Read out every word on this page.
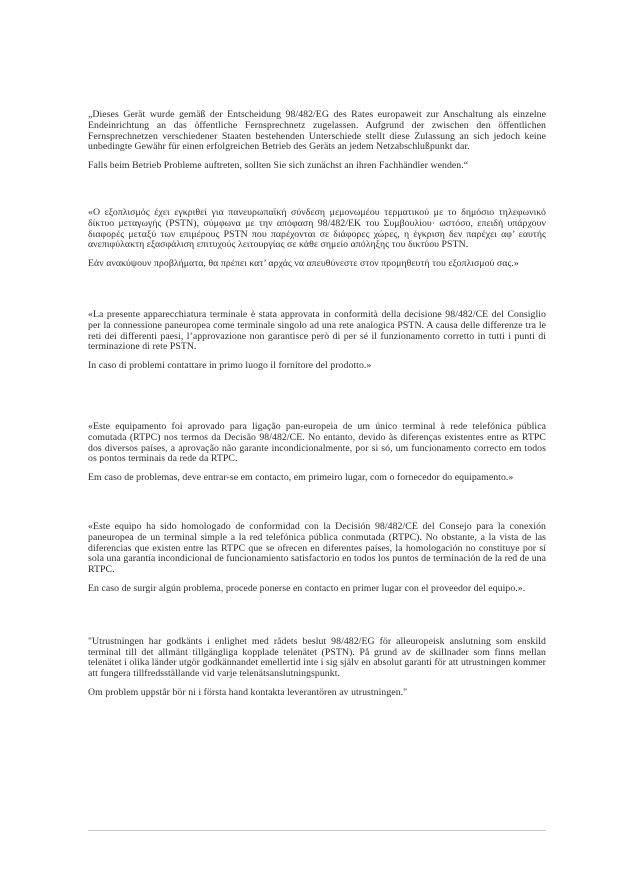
„Dieses Gerät wurde gemäß der Entscheidung 98/482/EG des Rates europaweit zur Anschaltung als einzelne Endeinrichtung an das öffentliche Fernsprechnetz zugelassen. Aufgrund der zwischen den öffentlichen Fernsprechnetzen verschiedener Staaten bestehenden Unterschiede stellt diese Zulassung an sich jedoch keine unbedingte Gewähr für einen erfolgreichen Betrieb des Geräts an jedem Netzabschlußpunkt dar.

Falls beim Betrieb Probleme auftreten, sollten Sie sich zunächst an ihren Fachhändler wenden.“

«Ο εξοπλισμός έχει εγκριθεί για πανευρωπαϊκή σύνδεση μεμονωμέου τερματικού με το δημόσιο τηλεφωνικό δίκτυο μεταγωγής (PSTN), σύμφωνα με την απόφαση 98/482/ΕΚ του Συμβουλίου· ωστόσο, επειδή υπάρχουν διαφορές μεταξύ των επιμέρους PSTN που παρέχονται σε διάφορες χώρες, η έγκριση δεν παρέχει αφ’ εαυτής ανεπιφύλακτη εξασφάλιση επιτυχούς λειτουργίας σε κάθε σημείο απόληξης του δικτύου PSTN.

Εάν ανακύψουν προβλήματα, θα πρέπει κατ’ αρχάς να απευθύνεστε στον προμηθευτή του εξοπλισμού σας.»

«La presente apparecchiatura terminale è stata approvata in conformità della decisione 98/482/CE del Consiglio per la connessione paneuropea come terminale singolo ad una rete analogica PSTN. A causa delle differenze tra le reti dei differenti paesi, l’approvazione non garantisce però di per sé il funzionamento corretto in tutti i punti di terminazione di rete PSTN.

In caso di problemi contattare in primo luogo il fornitore del prodotto.»

«Este equipamento foi aprovado para ligação pan-europeia de um único terminal à rede telefónica pública comutada (RTPC) nos termos da Decisão 98/482/CE. No entanto, devido às diferenças existentes entre as RTPC dos diversos países, a aprovação não garante incondicionalmente, por si só, um funcionamento correcto em todos os pontos terminais da rede da RTPC.

Em caso de problemas, deve entrar-se em contacto, em primeiro lugar, com o fornecedor do equipamento.»

«Este equipo ha sido homologado de conformidad con la Decisión 98/482/CE del Consejo para la conexión paneuropea de un terminal simple a la red telefónica pública conmutada (RTPC). No obstante, a la vista de las diferencias que existen entre las RTPC que se ofrecen en diferentes países, la homologación no constituye por sí sola una garantía incondicional de funcionamiento satisfactorio en todos los puntos de terminación de la red de una RTPC.

En caso de surgir algún problema, procede ponerse en contacto en primer lugar con el proveedor del equipo.».

"Utrustningen har godkänts i enlighet med rådets beslut 98/482/EG för alleuropeisk anslutning som enskild terminal till det allmänt tillgängliga kopplade telenätet (PSTN). På grund av de skillnader som finns mellan telenätet i olika länder utgör godkännandet emellertid inte i sig själv en absolut garanti för att utrustningen kommer att fungera tillfredsställande vid varje telenätsanslutningspunkt.

Om problem uppstår bör ni i första hand kontakta leverantören av utrustningen."
